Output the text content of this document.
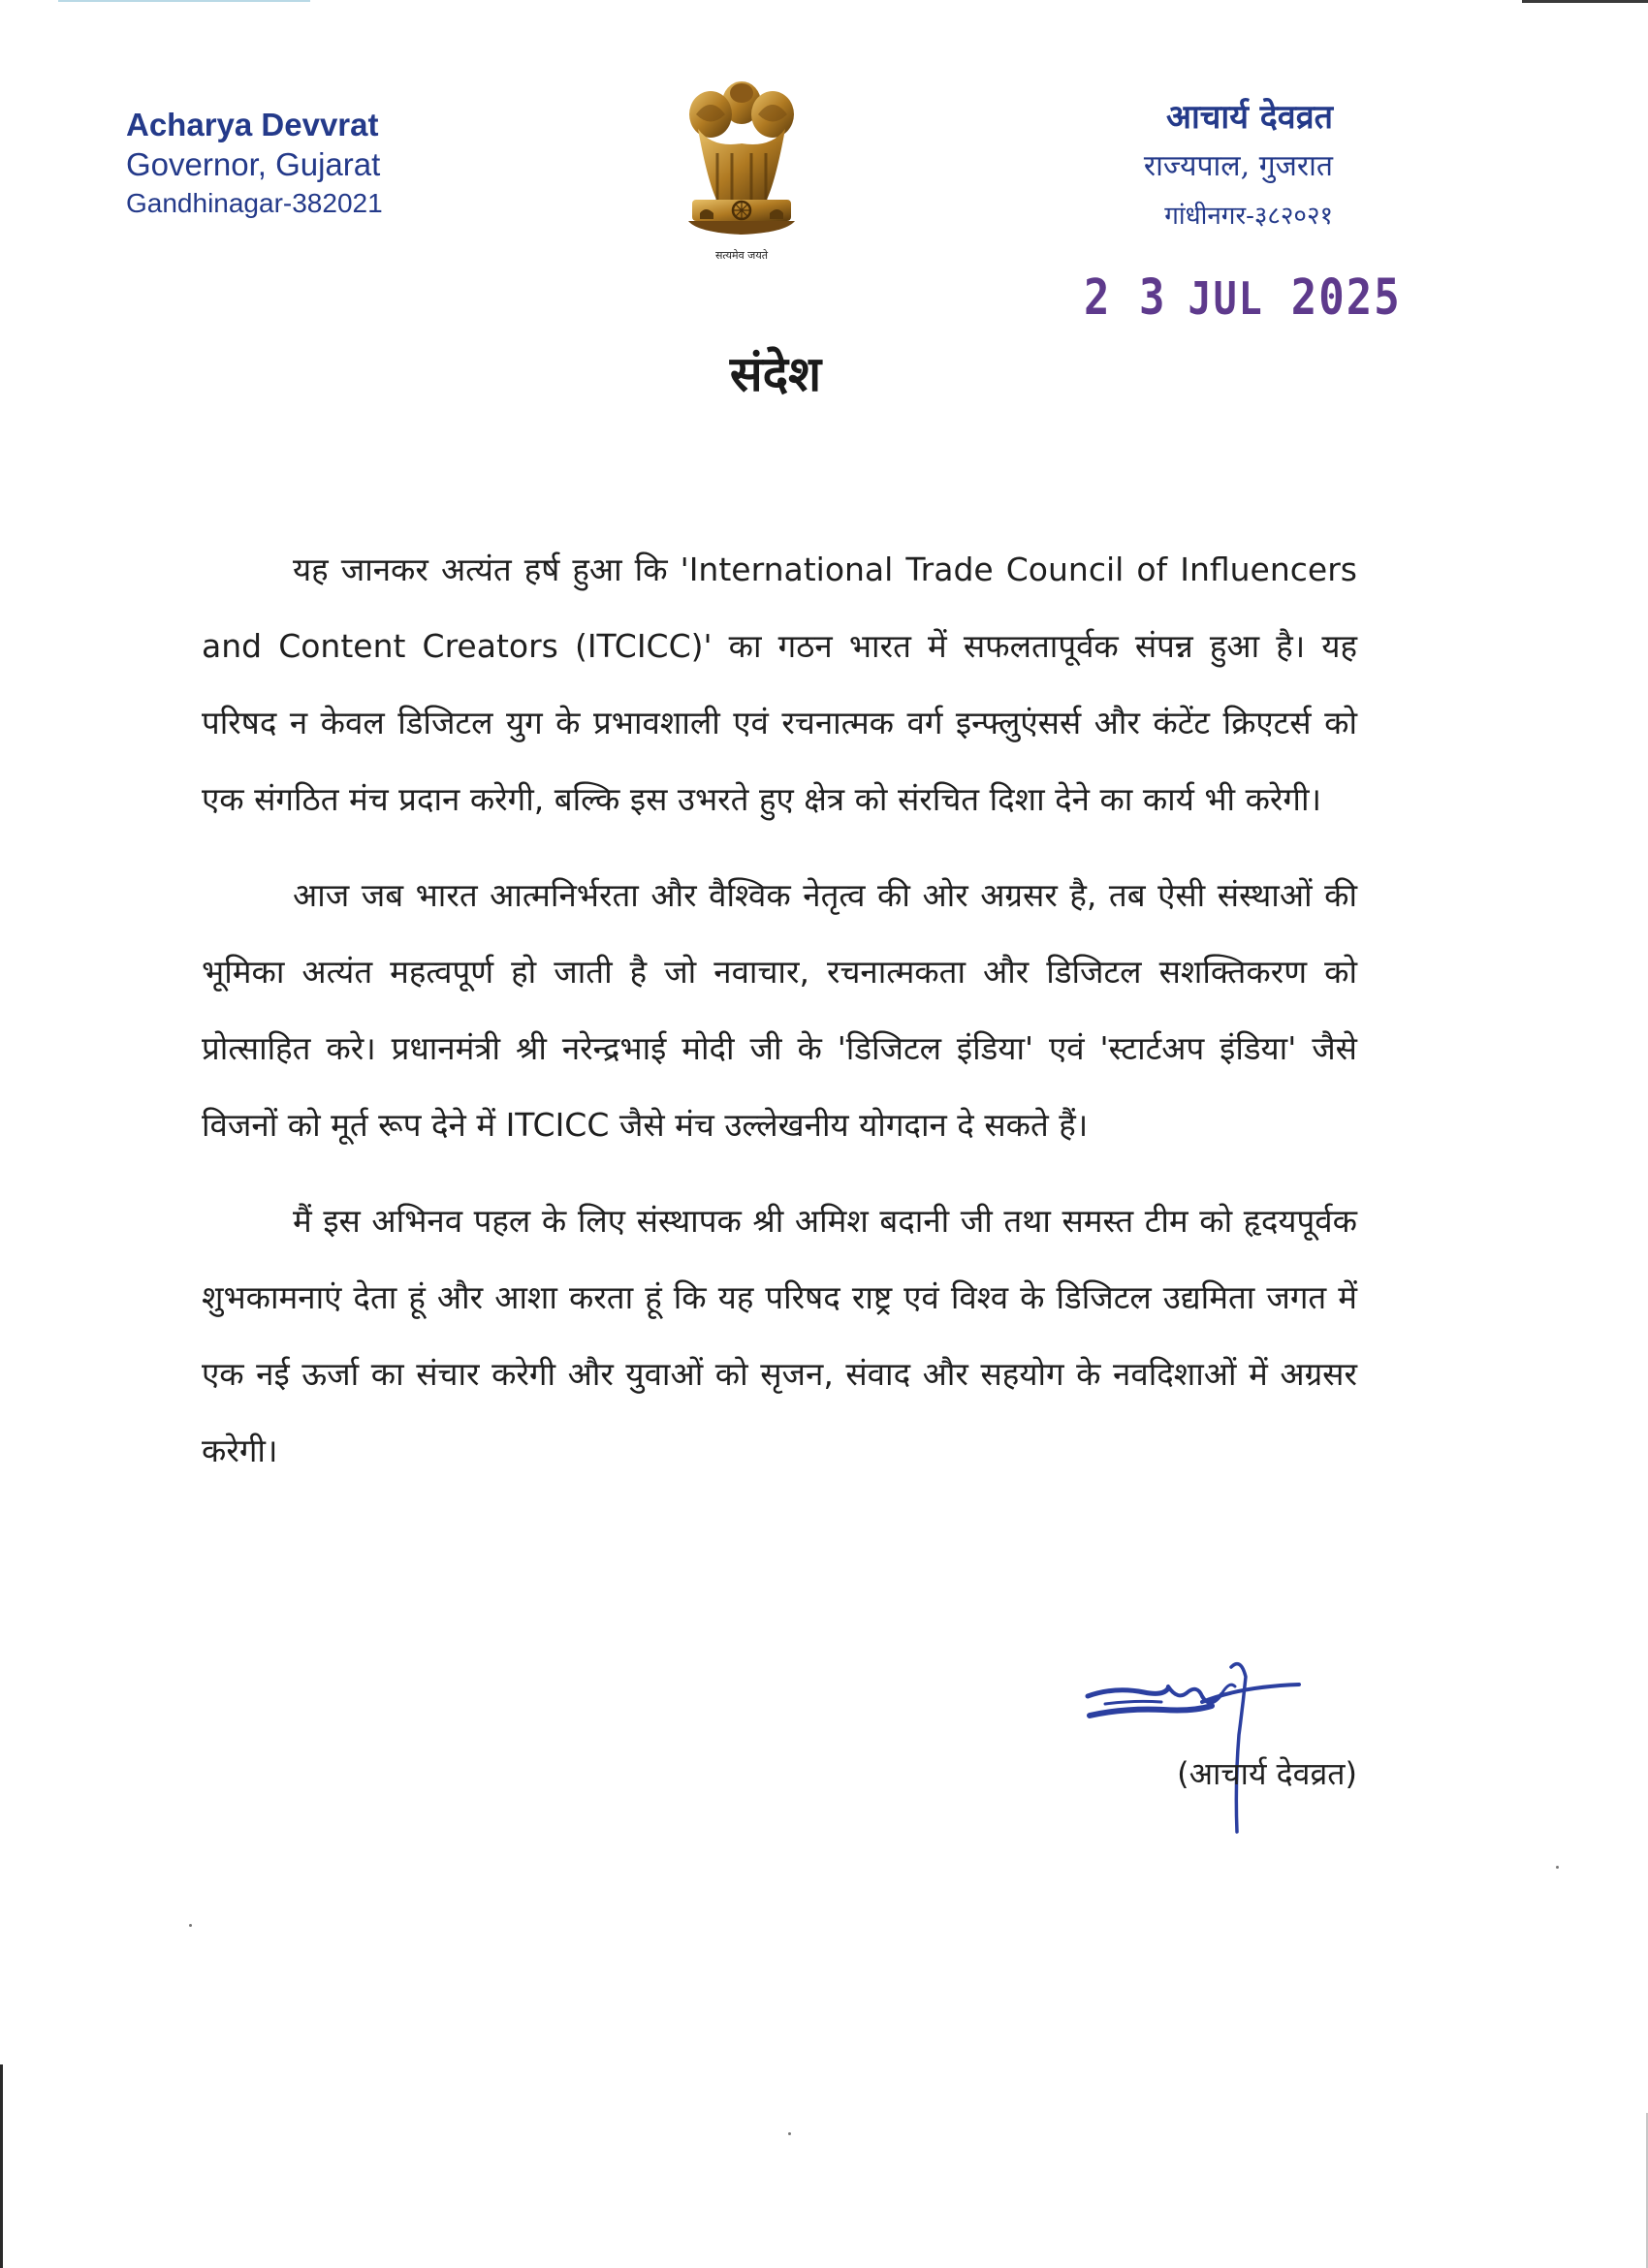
Acharya Devvrat
Governor, Gujarat
Gandhinagar-382021
सत्यमेव जयते
आचार्य देवव्रत
राज्यपाल, गुजरात
गांधीनगर-३८२०२१
2 3 JUL 2025
संदेश

यह जानकर अत्यंत हर्ष हुआ कि 'International Trade Council of Influencers and Content Creators (ITCICC)' का गठन भारत में सफलतापूर्वक संपन्न हुआ है। यह परिषद न केवल डिजिटल युग के प्रभावशाली एवं रचनात्मक वर्ग इन्फ्लुएंसर्स और कंटेंट क्रिएटर्स को एक संगठित मंच प्रदान करेगी, बल्कि इस उभरते हुए क्षेत्र को संरचित दिशा देने का कार्य भी करेगी।

आज जब भारत आत्मनिर्भरता और वैश्विक नेतृत्व की ओर अग्रसर है, तब ऐसी संस्थाओं की भूमिका अत्यंत महत्वपूर्ण हो जाती है जो नवाचार, रचनात्मकता और डिजिटल सशक्तिकरण को प्रोत्साहित करे। प्रधानमंत्री श्री नरेन्द्रभाई मोदी जी के 'डिजिटल इंडिया' एवं 'स्टार्टअप इंडिया' जैसे विजनों को मूर्त रूप देने में ITCICC जैसे मंच उल्लेखनीय योगदान दे सकते हैं।

मैं इस अभिनव पहल के लिए संस्थापक श्री अमिश बदानी जी तथा समस्त टीम को हृदयपूर्वक शुभकामनाएं देता हूं और आशा करता हूं कि यह परिषद राष्ट्र एवं विश्व के डिजिटल उद्यमिता जगत में एक नई ऊर्जा का संचार करेगी और युवाओं को सृजन, संवाद और सहयोग के नवदिशाओं में अग्रसर करेगी।

(आचार्य देवव्रत)
